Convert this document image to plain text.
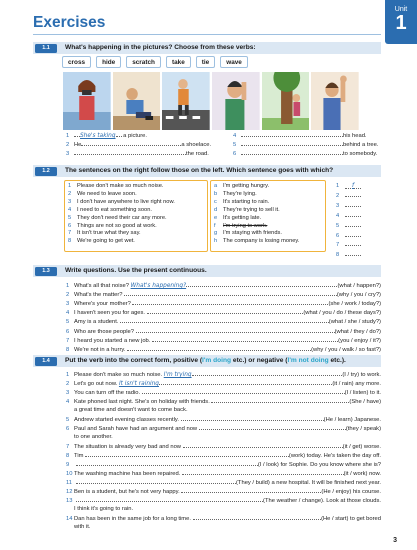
Unit
1
Exercises
1.1	What's happening in the pictures? Choose from these verbs:
cross	hide	scratch	take	tie	wave
1 She's taking a picture.
2 He	a shoelace.
3	the road.
4	his head.
5	behind a tree.
6	to somebody.
1.2	The sentences on the right follow those on the left. Which sentence goes with which?
1 Please don't make so much noise.
2 We need to leave soon.
3 I don't have anywhere to live right now.
4 I need to eat something soon.
5 They don't need their car any more.
6 Things are not so good at work.
7 It isn't true what they say.
8 We're going to get wet.
a I'm getting hungry.
b They're lying.
c It's starting to rain.
d They're trying to sell it.
e It's getting late.
f I'm trying to work.
g I'm staying with friends.
h The company is losing money.
1 f
2
3
4
5
6
7
8
1.3	Write questions. Use the present continuous.
1 What's all that noise? What's happening?	(what / happen?)
2 What's the matter?	(why / you / cry?)
3 Where's your mother?	(she / work / today?)
4 I haven't seen you for ages.	(what / you / do / these days?)
5 Amy is a student.	(what / she / study?)
6 Who are those people?	(what / they / do?)
7 I heard you started a new job.	(you / enjoy / it?)
8 We're not in a hurry.	(why / you / walk / so fast?)
1.4	Put the verb into the correct form, positive (I'm doing etc.) or negative (I'm not doing etc.).
1 Please don't make so much noise. I'm trying	(I / try) to work.
2 Let's go out now. It isn't raining	(it / rain) any more.
3 You can turn off the radio.	(I / listen) to it.
4 Kate phoned last night. She's on holiday with friends.	(She / have)
a great time and doesn't want to come back.
5 Andrew started evening classes recently.	(He / learn) Japanese.
6 Paul and Sarah have had an argument and now	(they / speak)
to one another.
7 The situation is already very bad and now	(it / get) worse.
8 Tim	(work) today. He's taken the day off.
9	(I / look) for Sophie. Do you know where she is?
10 The washing machine has been repaired.	(it / work) now.
11	(They / build) a new hospital. It will be finished next year.
12 Ben is a student, but he's not very happy.	(He / enjoy) his course.
13	(The weather / change). Look at those clouds.
I think it's going to rain.
14 Dan has been in the same job for a long time.	(He / start) to get bored
with it.
3
